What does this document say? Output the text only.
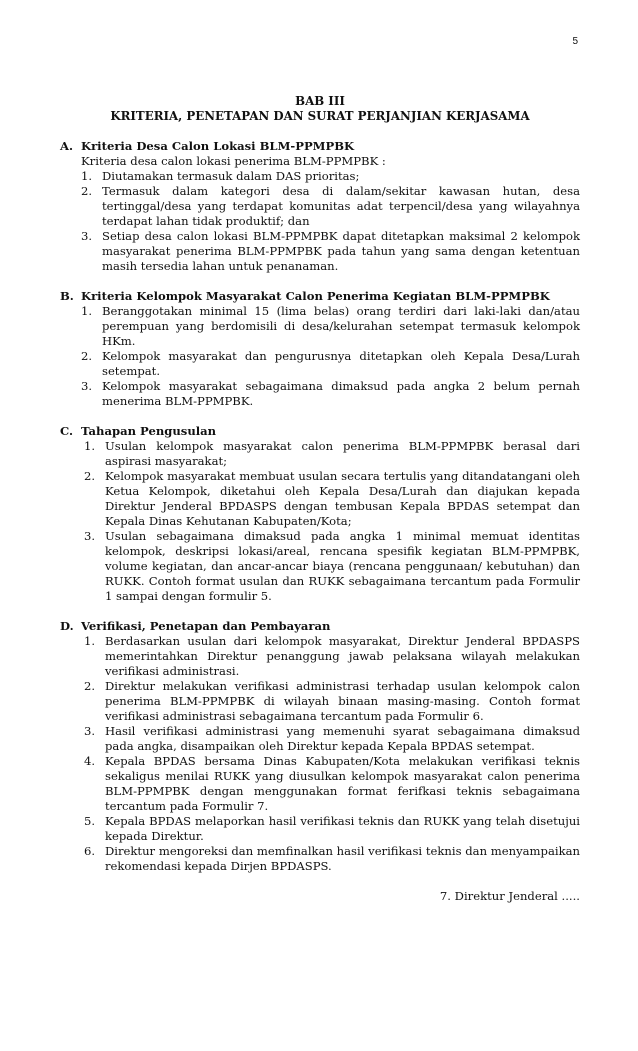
5
BAB III
KRITERIA, PENETAPAN DAN SURAT PERJANJIAN KERJASAMA
A. Kriteria Desa Calon Lokasi BLM-PPMPBK
Kriteria desa calon lokasi penerima BLM-PPMPBK :
1. Diutamakan termasuk dalam DAS prioritas;
2. Termasuk dalam kategori desa di dalam/sekitar kawasan hutan, desa tertinggal/desa yang terdapat komunitas adat terpencil/desa yang wilayahnya terdapat lahan tidak produktif; dan
3. Setiap desa calon lokasi BLM-PPMPBK dapat ditetapkan maksimal 2 kelompok masyarakat penerima BLM-PPMPBK pada tahun yang sama dengan ketentuan masih tersedia lahan untuk penanaman.
B. Kriteria Kelompok Masyarakat Calon Penerima Kegiatan BLM-PPMPBK
1. Beranggotakan minimal 15 (lima belas) orang terdiri dari laki-laki dan/atau perempuan yang berdomisili di desa/kelurahan setempat termasuk kelompok HKm.
2. Kelompok masyarakat dan pengurusnya ditetapkan oleh Kepala Desa/Lurah setempat.
3. Kelompok masyarakat sebagaimana dimaksud pada angka 2 belum pernah menerima BLM-PPMPBK.
C. Tahapan Pengusulan
1. Usulan kelompok masyarakat calon penerima BLM-PPMPBK berasal dari aspirasi masyarakat;
2. Kelompok masyarakat membuat usulan secara tertulis yang ditandatangani oleh Ketua Kelompok, diketahui oleh Kepala Desa/Lurah dan diajukan kepada Direktur Jenderal BPDASPS dengan tembusan Kepala BPDAS setempat dan Kepala Dinas Kehutanan Kabupaten/Kota;
3. Usulan sebagaimana dimaksud pada angka 1 minimal memuat identitas kelompok, deskripsi lokasi/areal, rencana spesifik kegiatan BLM-PPMPBK, volume kegiatan, dan ancar-ancar biaya (rencana penggunaan/ kebutuhan) dan RUKK. Contoh format usulan dan RUKK sebagaimana tercantum pada Formulir 1 sampai dengan formulir 5.
D. Verifikasi, Penetapan dan Pembayaran
1. Berdasarkan usulan dari kelompok masyarakat, Direktur Jenderal BPDASPS memerintahkan Direktur penanggung jawab pelaksana wilayah melakukan verifikasi administrasi.
2. Direktur melakukan verifikasi administrasi terhadap usulan kelompok calon penerima BLM-PPMPBK di wilayah binaan masing-masing. Contoh format verifikasi administrasi sebagaimana tercantum pada Formulir 6.
3. Hasil verifikasi administrasi yang memenuhi syarat sebagaimana dimaksud pada angka, disampaikan oleh Direktur kepada Kepala BPDAS setempat.
4. Kepala BPDAS bersama Dinas Kabupaten/Kota melakukan verifikasi teknis sekaligus menilai RUKK yang diusulkan kelompok masyarakat calon penerima BLM-PPMPBK dengan menggunakan format ferifkasi teknis sebagaimana tercantum pada Formulir 7.
5. Kepala BPDAS melaporkan hasil verifikasi teknis dan RUKK yang telah disetujui kepada Direktur.
6. Direktur mengoreksi dan memfinalkan hasil verifikasi teknis dan menyampaikan rekomendasi kepada Dirjen BPDASPS.
7. Direktur Jenderal .....
